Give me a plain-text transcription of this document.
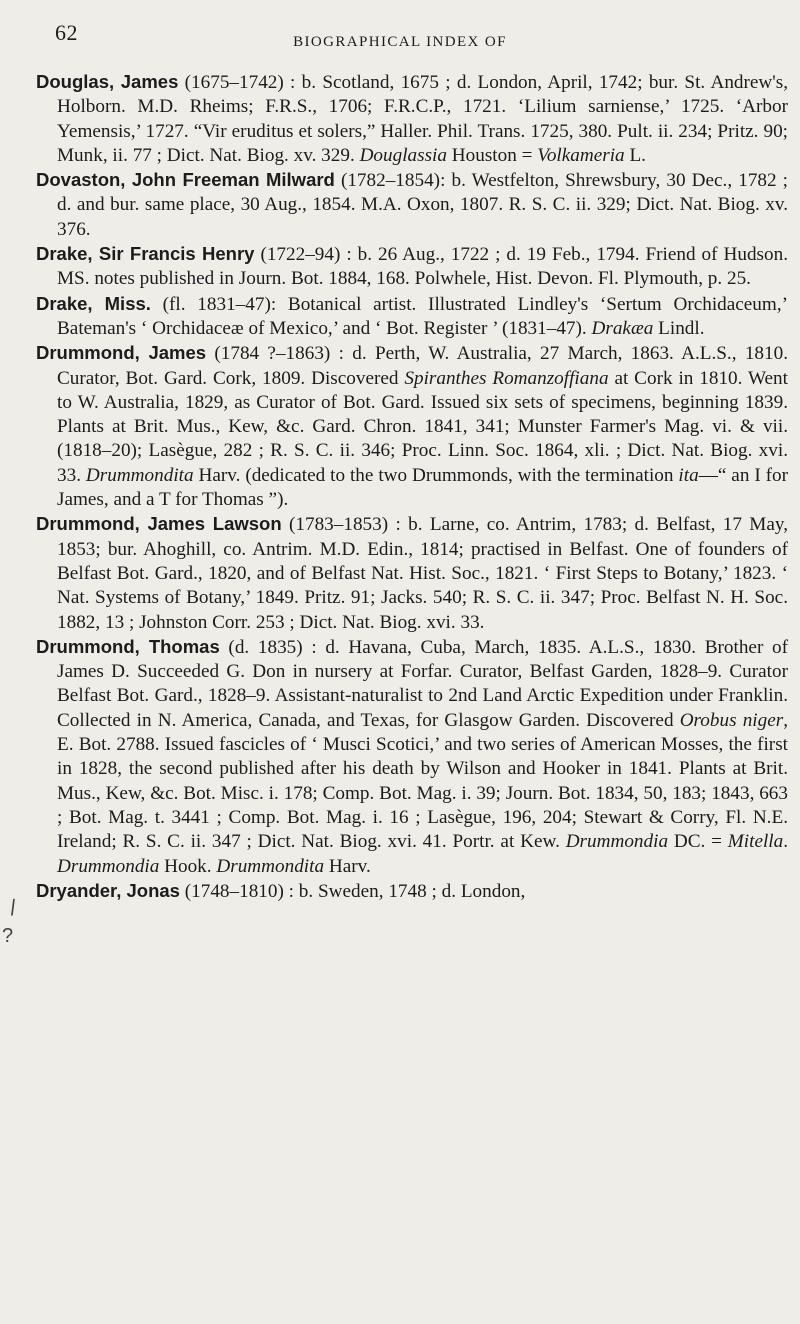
62	BIOGRAPHICAL INDEX OF
/
?

Douglas, James (1675–1742) : b. Scotland, 1675 ; d. London, April, 1742; bur. St. Andrew's, Holborn. M.D. Rheims; F.R.S., 1706; F.R.C.P., 1721. ‘Lilium sarniense,’ 1725. ‘Arbor Yemensis,’ 1727. “Vir eruditus et solers,” Haller. Phil. Trans. 1725, 380. Pult. ii. 234; Pritz. 90; Munk, ii. 77 ; Dict. Nat. Biog. xv. 329. Douglassia Houston = Volkameria L.

Dovaston, John Freeman Milward (1782–1854): b. Westfelton, Shrewsbury, 30 Dec., 1782 ; d. and bur. same place, 30 Aug., 1854. M.A. Oxon, 1807. R. S. C. ii. 329; Dict. Nat. Biog. xv. 376.

Drake, Sir Francis Henry (1722–94) : b. 26 Aug., 1722 ; d. 19 Feb., 1794. Friend of Hudson. MS. notes published in Journ. Bot. 1884, 168. Polwhele, Hist. Devon. Fl. Plymouth, p. 25.

Drake, Miss. (fl. 1831–47): Botanical artist. Illustrated Lindley's ‘Sertum Orchidaceum,’ Bateman's ‘ Orchidaceæ of Mexico,’ and ‘ Bot. Register ’ (1831–47). Drakæa Lindl.

Drummond, James (1784 ?–1863) : d. Perth, W. Australia, 27 March, 1863. A.L.S., 1810. Curator, Bot. Gard. Cork, 1809. Discovered Spiranthes Romanzoffiana at Cork in 1810. Went to W. Australia, 1829, as Curator of Bot. Gard. Issued six sets of specimens, beginning 1839. Plants at Brit. Mus., Kew, &c. Gard. Chron. 1841, 341; Munster Farmer's Mag. vi. & vii. (1818–20); Lasègue, 282 ; R. S. C. ii. 346; Proc. Linn. Soc. 1864, xli. ; Dict. Nat. Biog. xvi. 33. Drummondita Harv. (dedicated to the two Drummonds, with the termination ita—“ an I for James, and a T for Thomas ”).

Drummond, James Lawson (1783–1853) : b. Larne, co. Antrim, 1783; d. Belfast, 17 May, 1853; bur. Ahoghill, co. Antrim. M.D. Edin., 1814; practised in Belfast. One of founders of Belfast Bot. Gard., 1820, and of Belfast Nat. Hist. Soc., 1821. ‘ First Steps to Botany,’ 1823. ‘ Nat. Systems of Botany,’ 1849. Pritz. 91; Jacks. 540; R. S. C. ii. 347; Proc. Belfast N. H. Soc. 1882, 13 ; Johnston Corr. 253 ; Dict. Nat. Biog. xvi. 33.

Drummond, Thomas (d. 1835) : d. Havana, Cuba, March, 1835. A.L.S., 1830. Brother of James D. Succeeded G. Don in nursery at Forfar. Curator, Belfast Garden, 1828–9. Curator Belfast Bot. Gard., 1828–9. Assistant-naturalist to 2nd Land Arctic Expedition under Franklin. Collected in N. America, Canada, and Texas, for Glasgow Garden. Discovered Orobus niger, E. Bot. 2788. Issued fascicles of ‘ Musci Scotici,’ and two series of American Mosses, the first in 1828, the second published after his death by Wilson and Hooker in 1841. Plants at Brit. Mus., Kew, &c. Bot. Misc. i. 178; Comp. Bot. Mag. i. 39; Journ. Bot. 1834, 50, 183; 1843, 663 ; Bot. Mag. t. 3441 ; Comp. Bot. Mag. i. 16 ; Lasègue, 196, 204; Stewart & Corry, Fl. N.E. Ireland; R. S. C. ii. 347 ; Dict. Nat. Biog. xvi. 41. Portr. at Kew. Drummondia DC. = Mitella. Drummondia Hook. Drummondita Harv.

Dryander, Jonas (1748–1810) : b. Sweden, 1748 ; d. London,
